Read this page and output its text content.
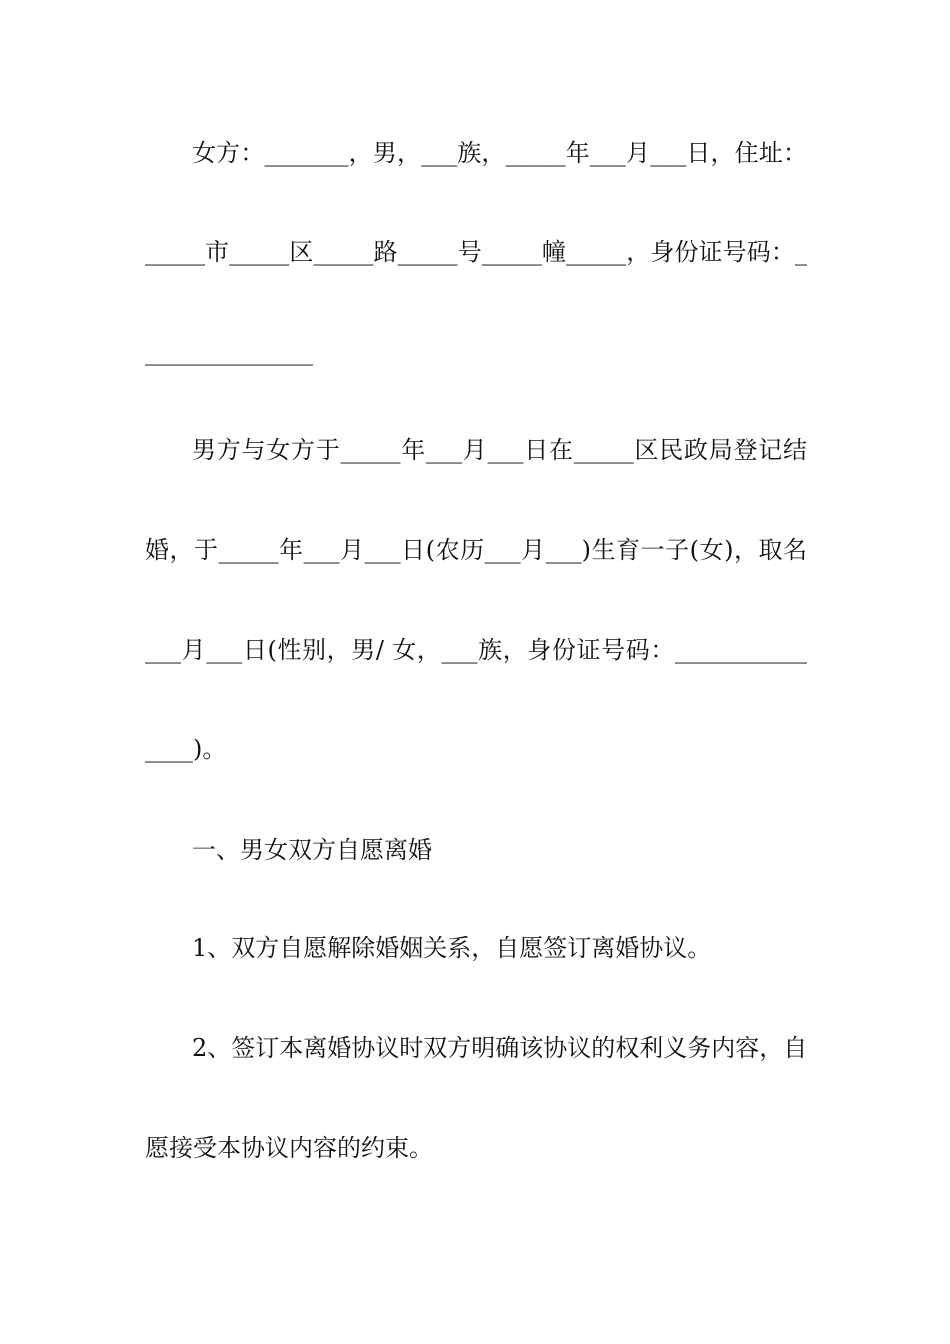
女方：_______，男，___族，_____年___月___日，住址：
_____市_____区_____路_____号_____幢_____，身份证号码：_
______________
男方与女方于_____年___月___日在_____区民政局登记结
婚，于_____年___月___日(农历___月___)生育一子(女)，取名
___月___日(性别，男/ 女，___族，身份证号码：___________
____)。
一、男女双方自愿离婚
1、双方自愿解除婚姻关系，自愿签订离婚协议。
2、签订本离婚协议时双方明确该协议的权利义务内容，自
愿接受本协议内容的约束。
